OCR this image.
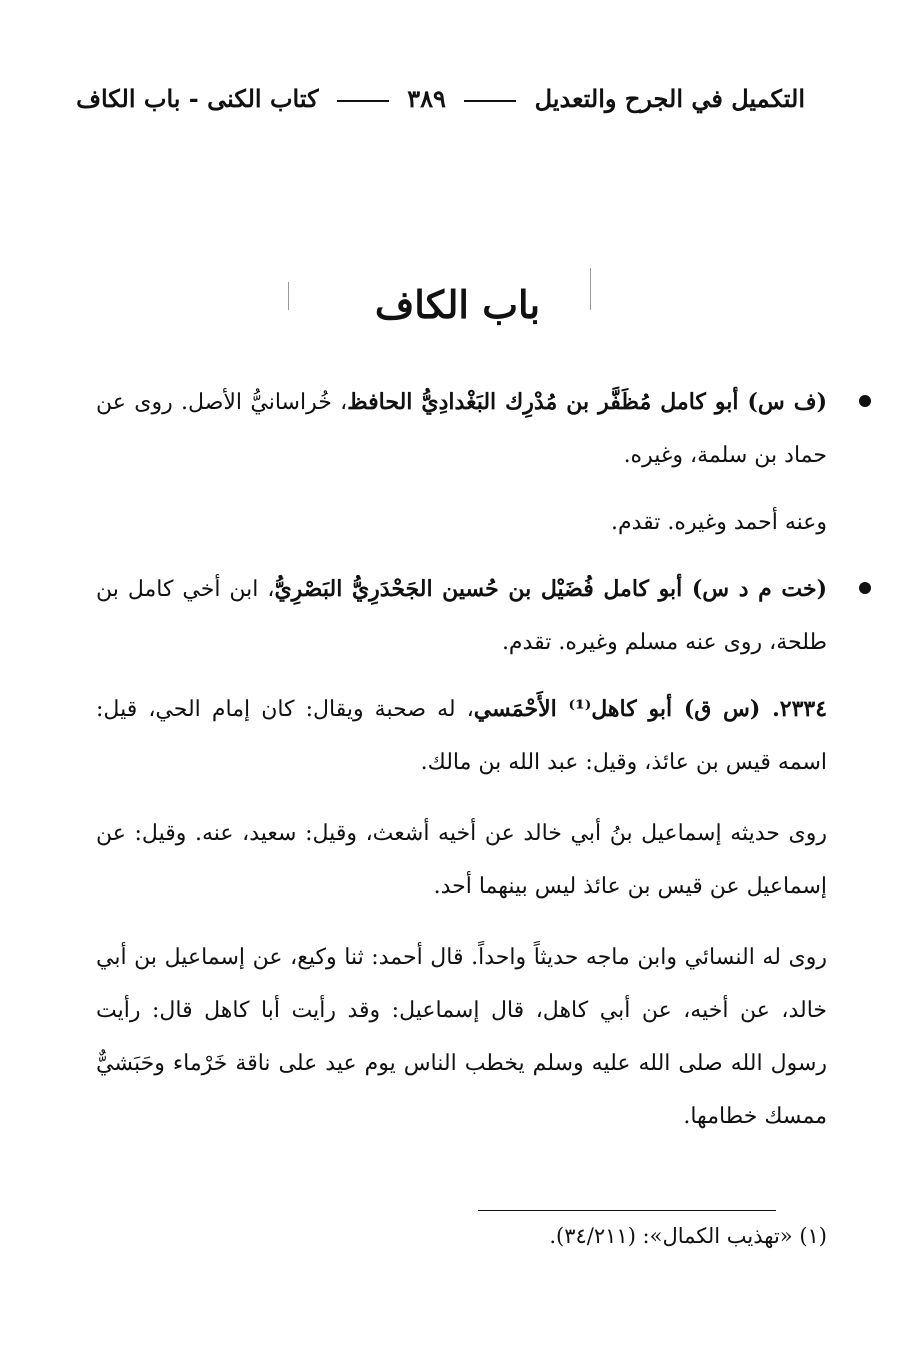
التكميل في الجرح والتعديل  ٣٨٩  كتاب الكنى - باب الكاف
باب الكاف

(ف س) أبو كامل مُظَفَّر بن مُدْرِك البَغْدادِيُّ الحافظ، خُراسانيُّ الأصل. روى عن حماد بن سلمة، وغيره.

وعنه أحمد وغيره. تقدم.

(خت م د س) أبو كامل فُضَيْل بن حُسين الجَحْدَرِيُّ البَصْرِيُّ، ابن أخي كامل بن طلحة، روى عنه مسلم وغيره. تقدم.

٢٣٣٤. (س ق) أبو كاهل⁽¹⁾ الأَحْمَسي، له صحبة ويقال: كان إمام الحي، قيل: اسمه قيس بن عائذ، وقيل: عبد الله بن مالك.

روى حديثه إسماعيل بنُ أبي خالد عن أخيه أشعث، وقيل: سعيد، عنه. وقيل: عن إسماعيل عن قيس بن عائذ ليس بينهما أحد.

روى له النسائي وابن ماجه حديثاً واحداً. قال أحمد: ثنا وكيع، عن إسماعيل بن أبي خالد، عن أخيه، عن أبي كاهل، قال إسماعيل: وقد رأيت أبا كاهل قال: رأيت رسول الله صلى الله عليه وسلم يخطب الناس يوم عيد على ناقة خَرْماء وحَبَشيٌّ ممسك خطامها.

(١) «تهذيب الكمال»: (٣٤/٢١١).
